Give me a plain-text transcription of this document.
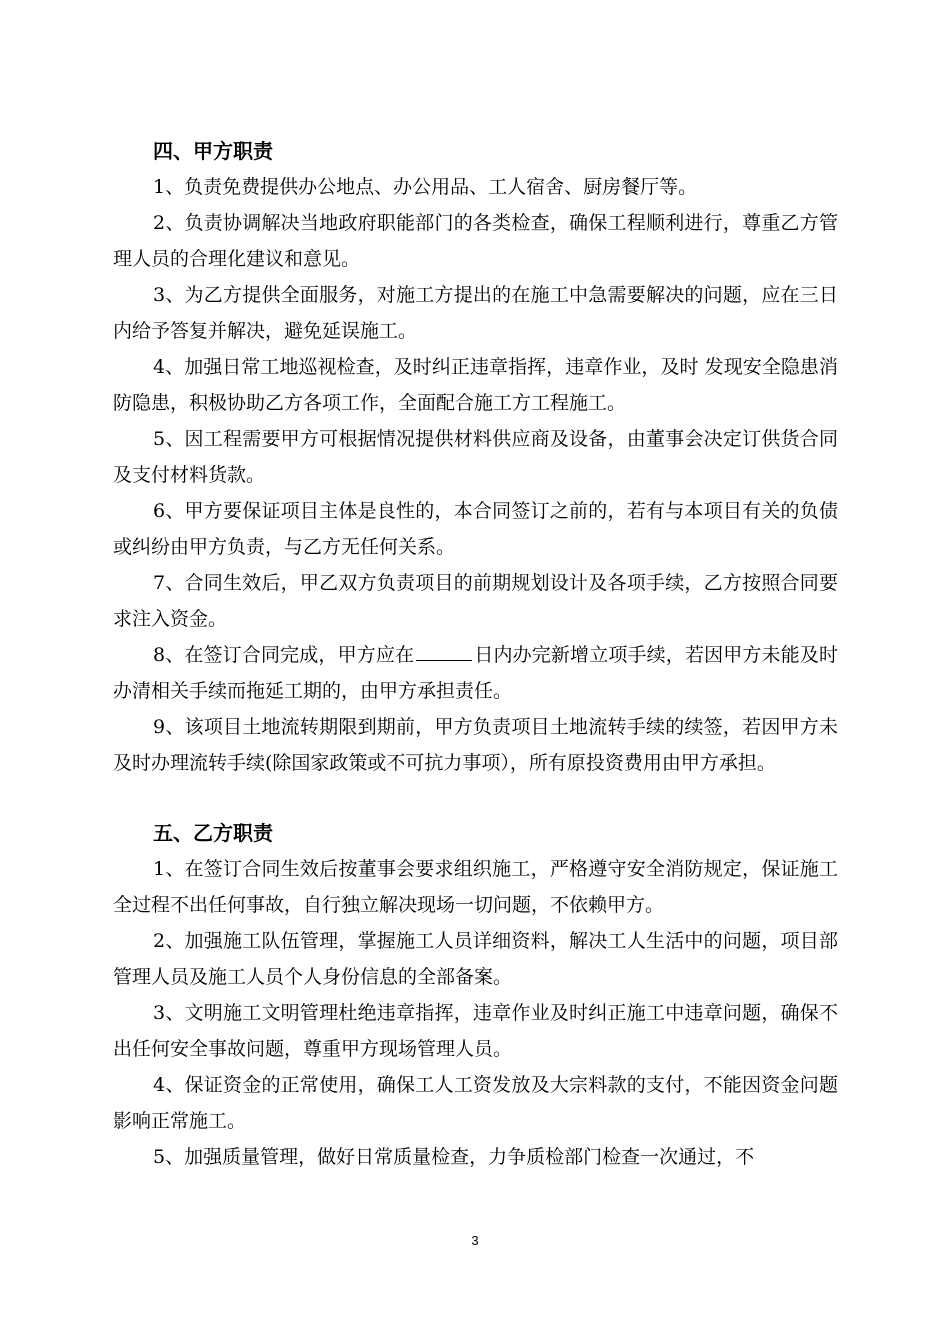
四、甲方职责

1、负责免费提供办公地点、办公用品、工人宿舍、厨房餐厅等。

2、负责协调解决当地政府职能部门的各类检查，确保工程顺利进行，尊重乙方管理人员的合理化建议和意见。

3、为乙方提供全面服务，对施工方提出的在施工中急需要解决的问题，应在三日内给予答复并解决，避免延误施工。

4、加强日常工地巡视检查，及时纠正违章指挥，违章作业，及时 发现安全隐患消防隐患，积极协助乙方各项工作，全面配合施工方工程施工。

5、因工程需要甲方可根据情况提供材料供应商及设备，由董事会决定订供货合同及支付材料货款。

6、甲方要保证项目主体是良性的，本合同签订之前的，若有与本项目有关的负债或纠纷由甲方负责，与乙方无任何关系。

7、合同生效后，甲乙双方负责项目的前期规划设计及各项手续，乙方按照合同要求注入资金。

8、在签订合同完成，甲方应在	日内办完新增立项手续，若因甲方未能及时办清相关手续而拖延工期的，由甲方承担责任。

9、该项目土地流转期限到期前，甲方负责项目土地流转手续的续签，若因甲方未及时办理流转手续(除国家政策或不可抗力事项），所有原投资费用由甲方承担。

五、乙方职责

1、在签订合同生效后按董事会要求组织施工，严格遵守安全消防规定，保证施工全过程不出任何事故，自行独立解决现场一切问题，不依赖甲方。

2、加强施工队伍管理，掌握施工人员详细资料，解决工人生活中的问题，项目部管理人员及施工人员个人身份信息的全部备案。

3、文明施工文明管理杜绝违章指挥，违章作业及时纠正施工中违章问题，确保不出任何安全事故问题，尊重甲方现场管理人员。

4、保证资金的正常使用，确保工人工资发放及大宗料款的支付，不能因资金问题影响正常施工。

5、加强质量管理，做好日常质量检查，力争质检部门检查一次通过，不

3
